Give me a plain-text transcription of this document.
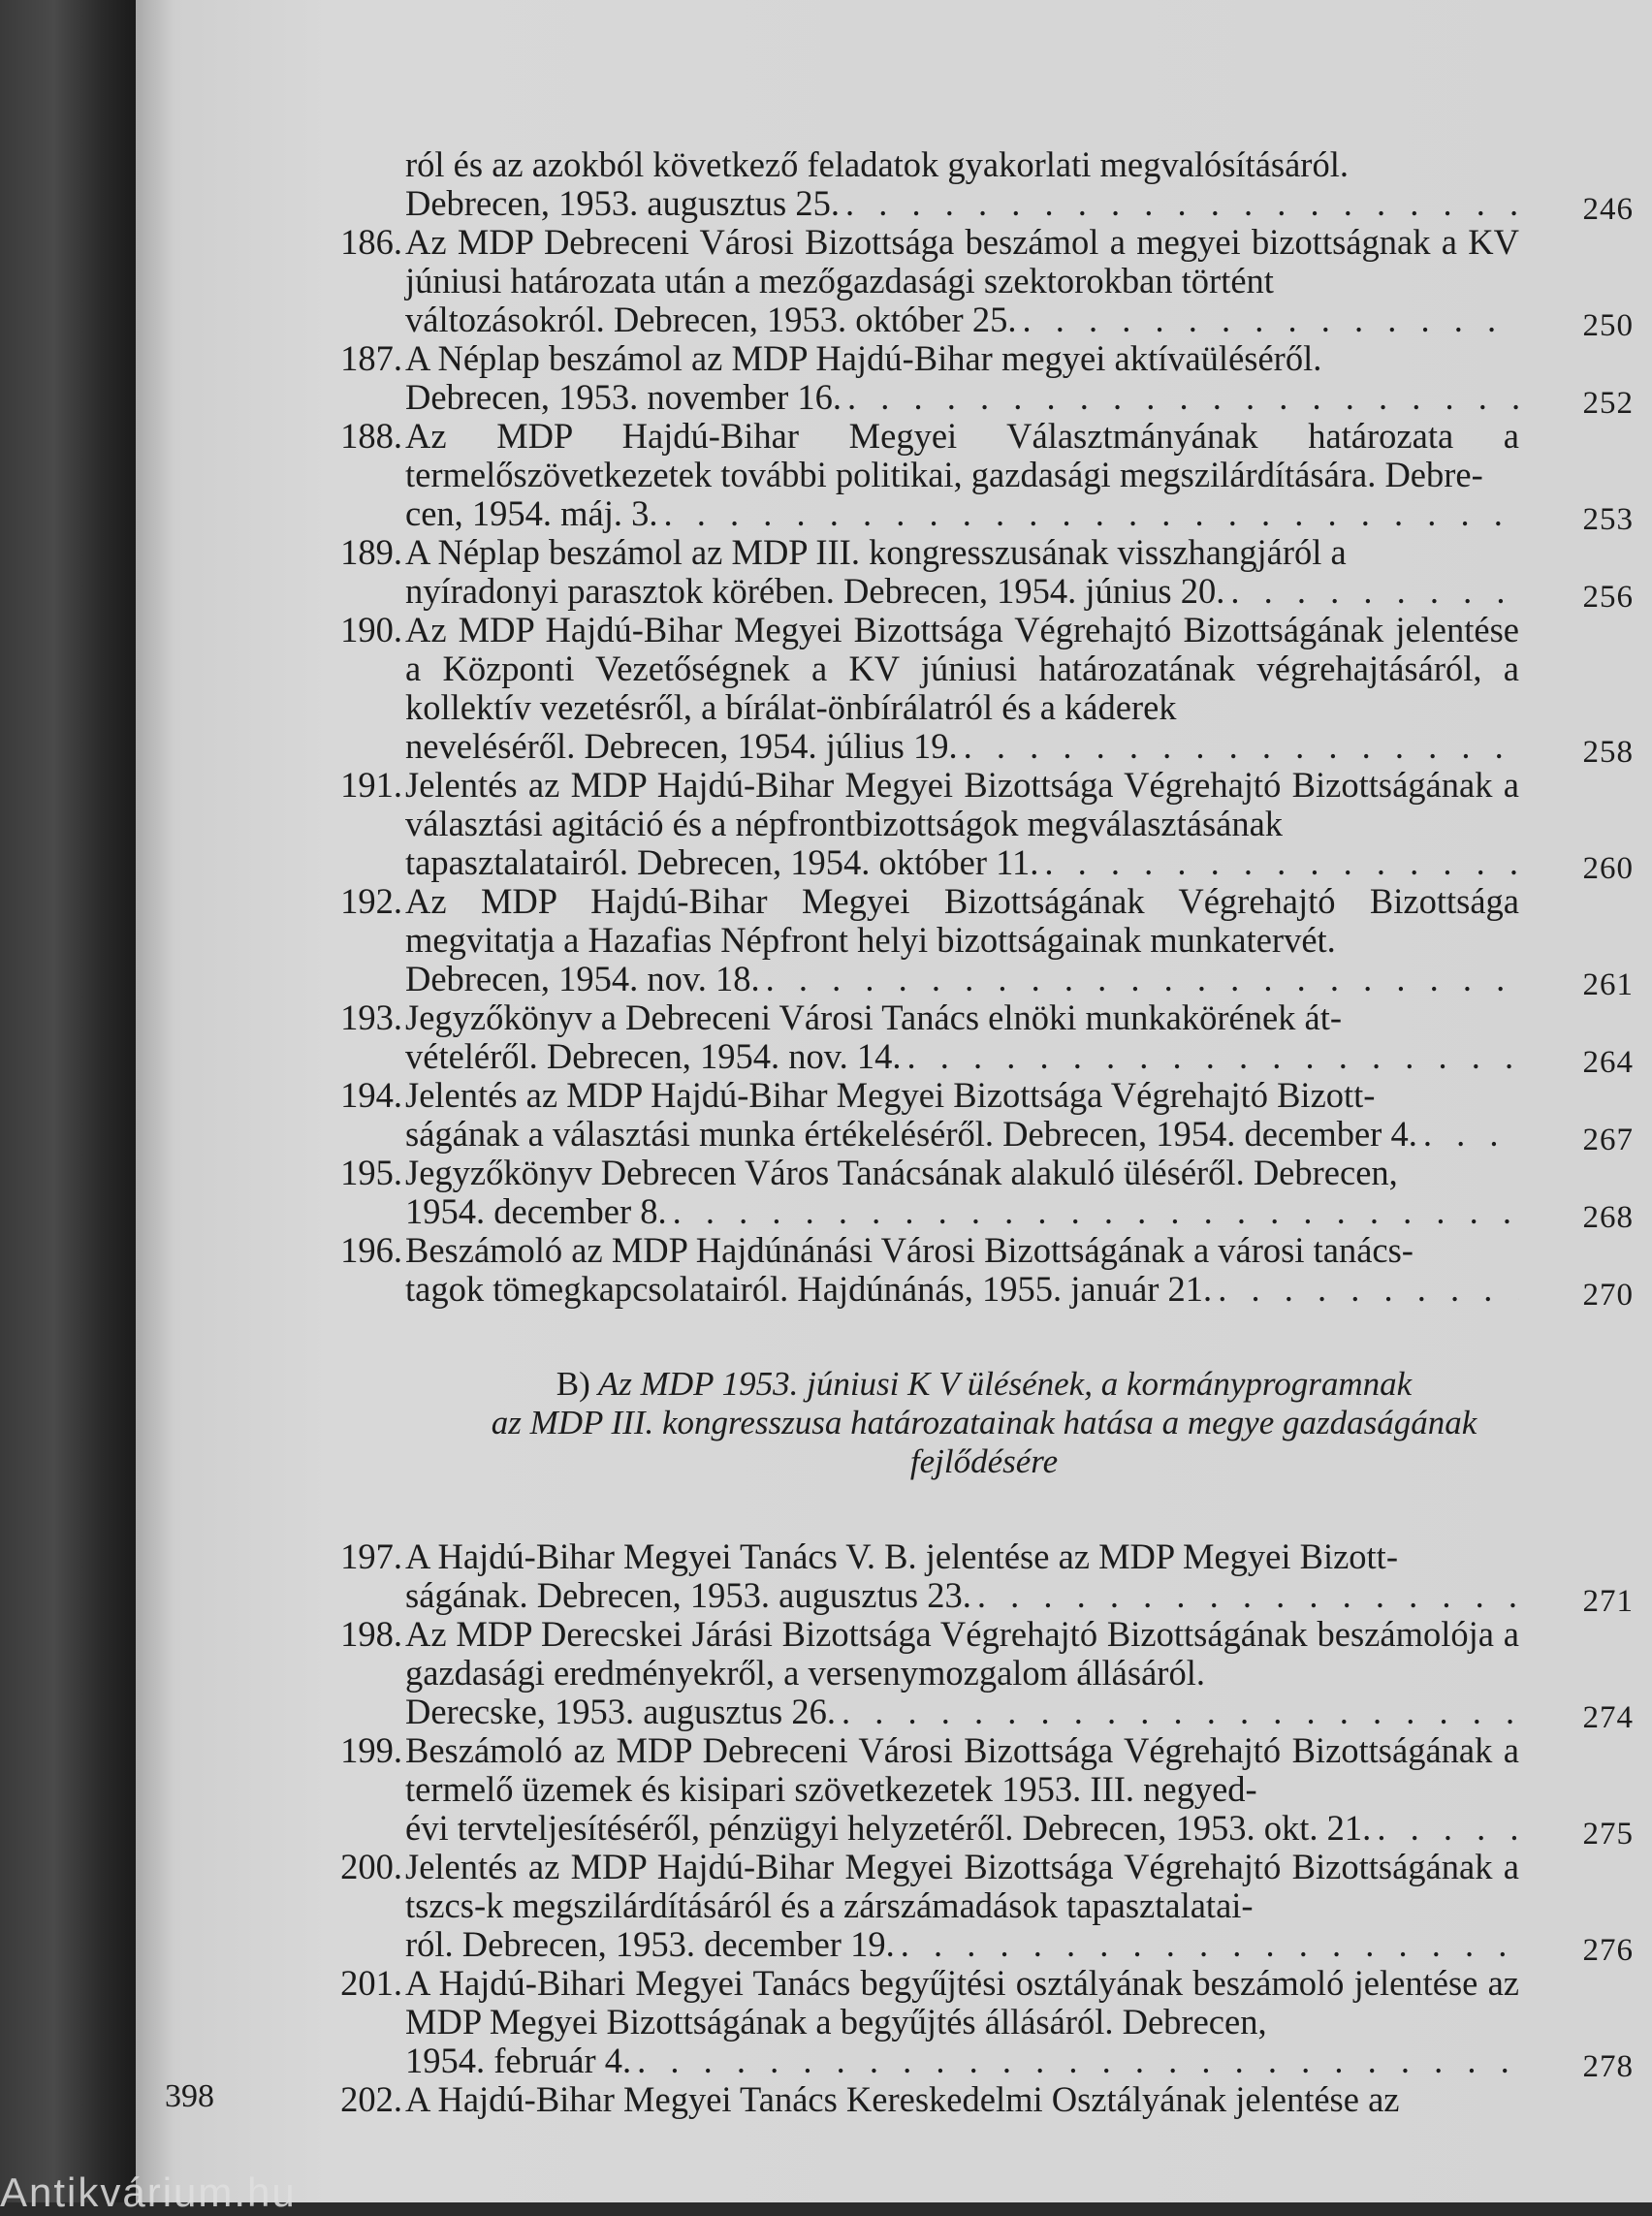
ról és az azokból következő feladatok gyakorlati megvalósításáról.
Debrecen, 1953. augusztus 25. . . .	246
186. Az MDP Debreceni Városi Bizottsága beszámol a megyei bizottságnak a KV júniusi határozata után a mezőgazdasági szektorokban történt
változásokról. Debrecen, 1953. október 25. . . .	250
187. A Néplap beszámol az MDP Hajdú-Bihar megyei aktívaüléséről.
Debrecen, 1953. november 16. . . .	252
188. Az MDP Hajdú-Bihar Megyei Választmányának határozata a termelőszövetkezetek további politikai, gazdasági megszilárdítására. Debre-
cen, 1954. máj. 3. . . .	253
189. A Néplap beszámol az MDP III. kongresszusának visszhangjáról a
nyíradonyi parasztok körében. Debrecen, 1954. június 20. . . .	256
190. Az MDP Hajdú-Bihar Megyei Bizottsága Végrehajtó Bizottságának jelentése a Központi Vezetőségnek a KV júniusi határozatának végrehajtásáról, a kollektív vezetésről, a bírálat-önbírálatról és a káderek
neveléséről. Debrecen, 1954. július 19. . . .	258
191. Jelentés az MDP Hajdú-Bihar Megyei Bizottsága Végrehajtó Bizottságának a választási agitáció és a népfrontbizottságok megválasztásának
tapasztalatairól. Debrecen, 1954. október 11. . . .	260
192. Az MDP Hajdú-Bihar Megyei Bizottságának Végrehajtó Bizottsága megvitatja a Hazafias Népfront helyi bizottságainak munkatervét.
Debrecen, 1954. nov. 18. . . .	261
193. Jegyzőkönyv a Debreceni Városi Tanács elnöki munkakörének át-
vételéről. Debrecen, 1954. nov. 14. . . .	264
194. Jelentés az MDP Hajdú-Bihar Megyei Bizottsága Végrehajtó Bizott-
ságának a választási munka értékeléséről. Debrecen, 1954. december 4. . . .	267
195. Jegyzőkönyv Debrecen Város Tanácsának alakuló üléséről. Debrecen,
1954. december 8. . . .	268
196. Beszámoló az MDP Hajdúnánási Városi Bizottságának a városi tanács-
tagok tömegkapcsolatairól. Hajdúnánás, 1955. január 21. . . .	270
B) Az MDP 1953. júniusi K V ülésének, a kormányprogramnak
az MDP III. kongresszusa határozatainak hatása a megye gazdaságának
fejlődésére
197. A Hajdú-Bihar Megyei Tanács V. B. jelentése az MDP Megyei Bizott-
ságának. Debrecen, 1953. augusztus 23. . . .	271
198. Az MDP Derecskei Járási Bizottsága Végrehajtó Bizottságának beszámolója a gazdasági eredményekről, a versenymozgalom állásáról.
Derecske, 1953. augusztus 26. . . .	274
199. Beszámoló az MDP Debreceni Városi Bizottsága Végrehajtó Bizottságának a termelő üzemek és kisipari szövetkezetek 1953. III. negyed-
évi tervteljesítéséről, pénzügyi helyzetéről. Debrecen, 1953. okt. 21. . . .	275
200. Jelentés az MDP Hajdú-Bihar Megyei Bizottsága Végrehajtó Bizottságának a tszcs-k megszilárdításáról és a zárszámadások tapasztalatai-
ról. Debrecen, 1953. december 19. . . .	276
201. A Hajdú-Bihari Megyei Tanács begyűjtési osztályának beszámoló jelentése az MDP Megyei Bizottságának a begyűjtés állásáról. Debrecen,
1954. február 4. . . .	278
202. A Hajdú-Bihar Megyei Tanács Kereskedelmi Osztályának jelentése az
398
Antikvárium.hu
